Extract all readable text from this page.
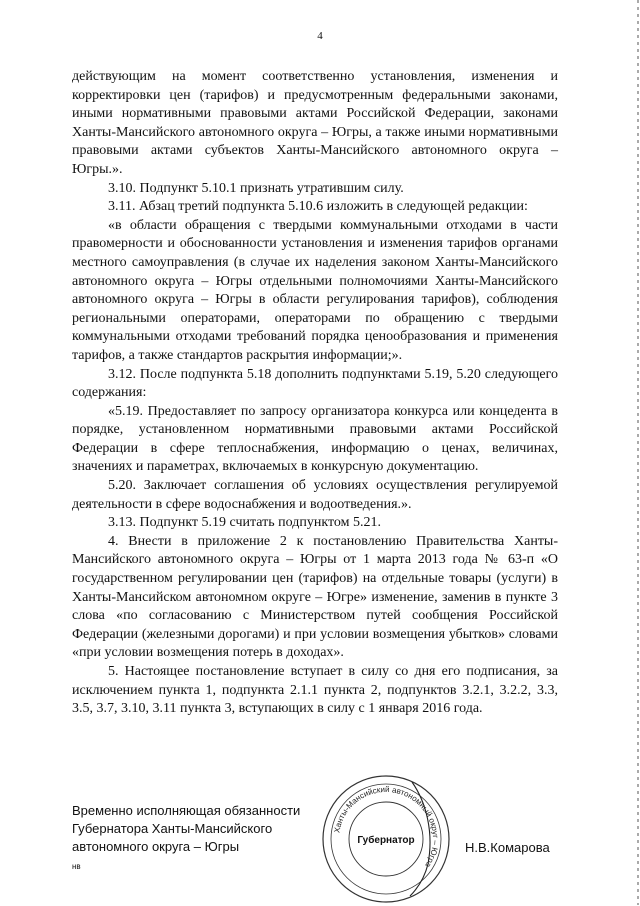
4

действующим на момент соответственно установления, изменения и корректировки цен (тарифов) и предусмотренным федеральными законами, иными нормативными правовыми актами Российской Федерации, законами Ханты-Мансийского автономного округа – Югры, а также иными нормативными правовыми актами субъектов Ханты-Мансийского автономного округа – Югры.».

3.10. Подпункт 5.10.1 признать утратившим силу.

3.11. Абзац третий подпункта 5.10.6 изложить в следующей редакции:

«в области обращения с твердыми коммунальными отходами в части правомерности и обоснованности установления и изменения тарифов органами местного самоуправления (в случае их наделения законом Ханты-Мансийского автономного округа – Югры отдельными полномочиями Ханты-Мансийского автономного округа – Югры в области регулирования тарифов), соблюдения региональными операторами, операторами по обращению с твердыми коммунальными отходами требований порядка ценообразования и применения тарифов, а также стандартов раскрытия информации;».

3.12. После подпункта 5.18 дополнить подпунктами 5.19, 5.20 следующего содержания:

«5.19. Предоставляет по запросу организатора конкурса или концедента в порядке, установленном нормативными правовыми актами Российской Федерации в сфере теплоснабжения, информацию о ценах, величинах, значениях и параметрах, включаемых в конкурсную документацию.

5.20. Заключает соглашения об условиях осуществления регулируемой деятельности в сфере водоснабжения и водоотведения.».

3.13. Подпункт 5.19 считать подпунктом 5.21.

4. Внести в приложение 2 к постановлению Правительства Ханты-Мансийского автономного округа – Югры от 1 марта 2013 года № 63-п «О государственном регулировании цен (тарифов) на отдельные товары (услуги) в Ханты-Мансийском автономном округе – Югре» изменение, заменив в пункте 3 слова «по согласованию с Министерством путей сообщения Российской Федерации (железными дорогами) и при условии возмещения убытков» словами «при условии возмещения потерь в доходах».

5. Настоящее постановление вступает в силу со дня его подписания, за исключением пункта 1, подпункта 2.1.1 пункта 2, подпунктов 3.2.1, 3.2.2, 3.3, 3.5, 3.7, 3.10, 3.11 пункта 3, вступающих в силу с 1 января 2016 года.

Временно исполняющая обязанности
Губернатора Ханты-Мансийского
автономного округа – Югры
нв
Ханты-Мансийский автономный округ – Югра
Губернатор	Н.В.Комарова
